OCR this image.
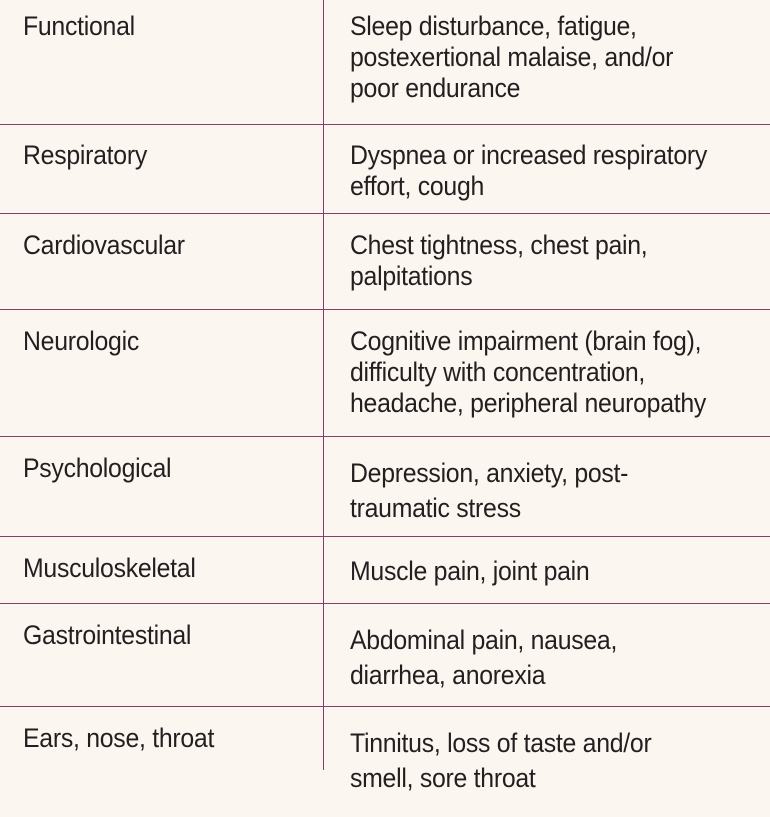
Functional	Sleep disturbance, fatigue,
postexertional malaise, and/or
poor endurance
Respiratory	Dyspnea or increased respiratory
effort, cough
Cardiovascular	Chest tightness, chest pain,
palpitations
Neurologic	Cognitive impairment (brain fog),
difficulty with concentration,
headache, peripheral neuropathy
Psychological	Depression, anxiety, post-
traumatic stress
Musculoskeletal	Muscle pain, joint pain
Gastrointestinal	Abdominal pain, nausea,
diarrhea, anorexia
Ears, nose, throat	Tinnitus, loss of taste and/or
smell, sore throat
